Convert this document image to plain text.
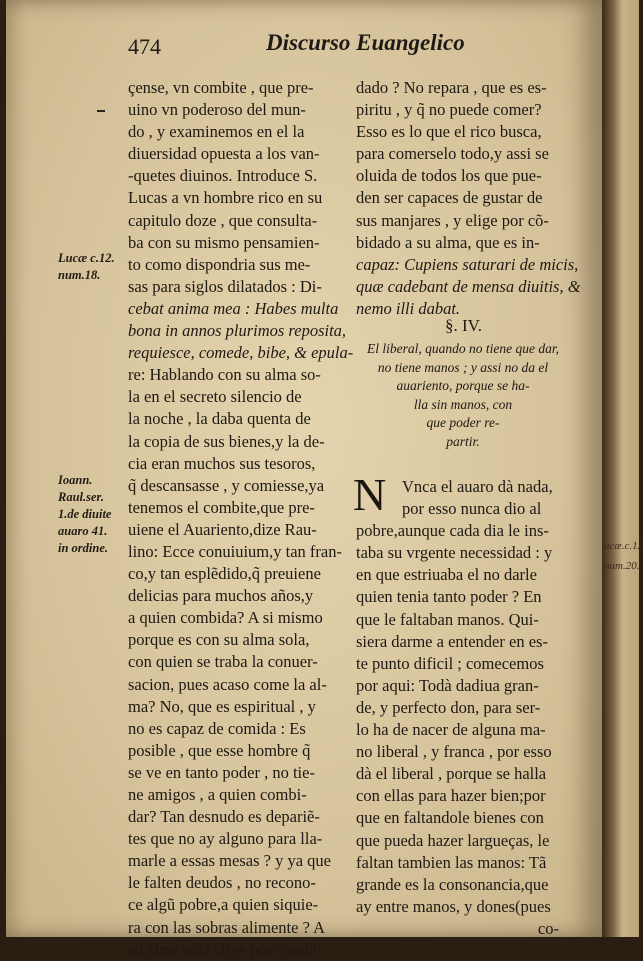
474	Discurso Euangelico
Lucæ c.12.
num.18.
Ioann.
Raul.ser.
1.de diuite
auaro 41.
in ordine.	ucæ.c.12
num.20.
çense, vn combite , que pre-
uino vn poderoso del mun-
do , y examinemos en el la
diuersidad opuesta a los van-
-quetes diuinos. Introduce S.
Lucas a vn hombre rico en su
capitulo doze , que consulta-
ba con su mismo pensamien-
to como dispondria sus me-
sas para siglos dilatados : Di-
cebat anima mea : Habes multa
bona in annos plurimos reposita,
requiesce, comede, bibe, & epula-
re: Hablando con su alma so-
la en el secreto silencio de
la noche , la daba quenta de
la copia de sus bienes,y la de-
cia eran muchos sus tesoros,
q̃ descansasse , y comiesse,ya
tenemos el combite,que pre-
uiene el Auariento,dize Rau-
lino: Ecce conuiuium,y tan fran-
co,y tan esplẽdido,q̃ preuiene
delicias para muchos años,y
a quien combida? A si mismo
porque es con su alma sola,
con quien se traba la conuer-
sacion, pues acaso come la al-
ma? No, que es espiritual , y
no es capaz de comida : Es
posible , que esse hombre q̃
se ve en tanto poder , no tie-
ne amigos , a quien combi-
dar? Tan desnudo es depariẽ-
tes que no ay alguno para lla-
marle a essas mesas ? y ya que
le falten deudos , no recono-
ce algũ pobre,a quien siquie-
ra con las sobras alimente ? A
su alma sola elige por combi-
dado ? No repara , que es es-
piritu , y q̃ no puede comer?
Esso es lo que el rico busca,
para comerselo todo,y assi se
oluida de todos los que pue-
den ser capaces de gustar de
sus manjares , y elige por cõ-
bidado a su alma, que es in-
capaz: Cupiens saturari de micis,
quæ cadebant de mensa diuitis, &
nemo illi dabat.
§. IV.
El liberal, quando no tiene que dar,
no tiene manos ; y assi no da el
auariento, porque se ha-
lla sin manos, con
que poder re-
partir.
N Vnca el auaro dà nada,
por esso nunca dio al
pobre,aunque cada dia le ins-
taba su vrgente necessidad : y
en que estriuaba el no darle
quien tenia tanto poder ? En
que le faltaban manos. Qui-
siera darme a entender en es-
te punto dificil ; comecemos
por aqui: Todà dadiua gran-
de, y perfecto don, para ser-
lo ha de nacer de alguna ma-
no liberal , y franca , por esso
dà el liberal , porque se halla
con ellas para hazer bien;por
que en faltandole bienes con
que pueda hazer largueças, le
faltan tambien las manos: Tã
grande es la consonancia,que
ay entre manos, y dones(pues
co-
